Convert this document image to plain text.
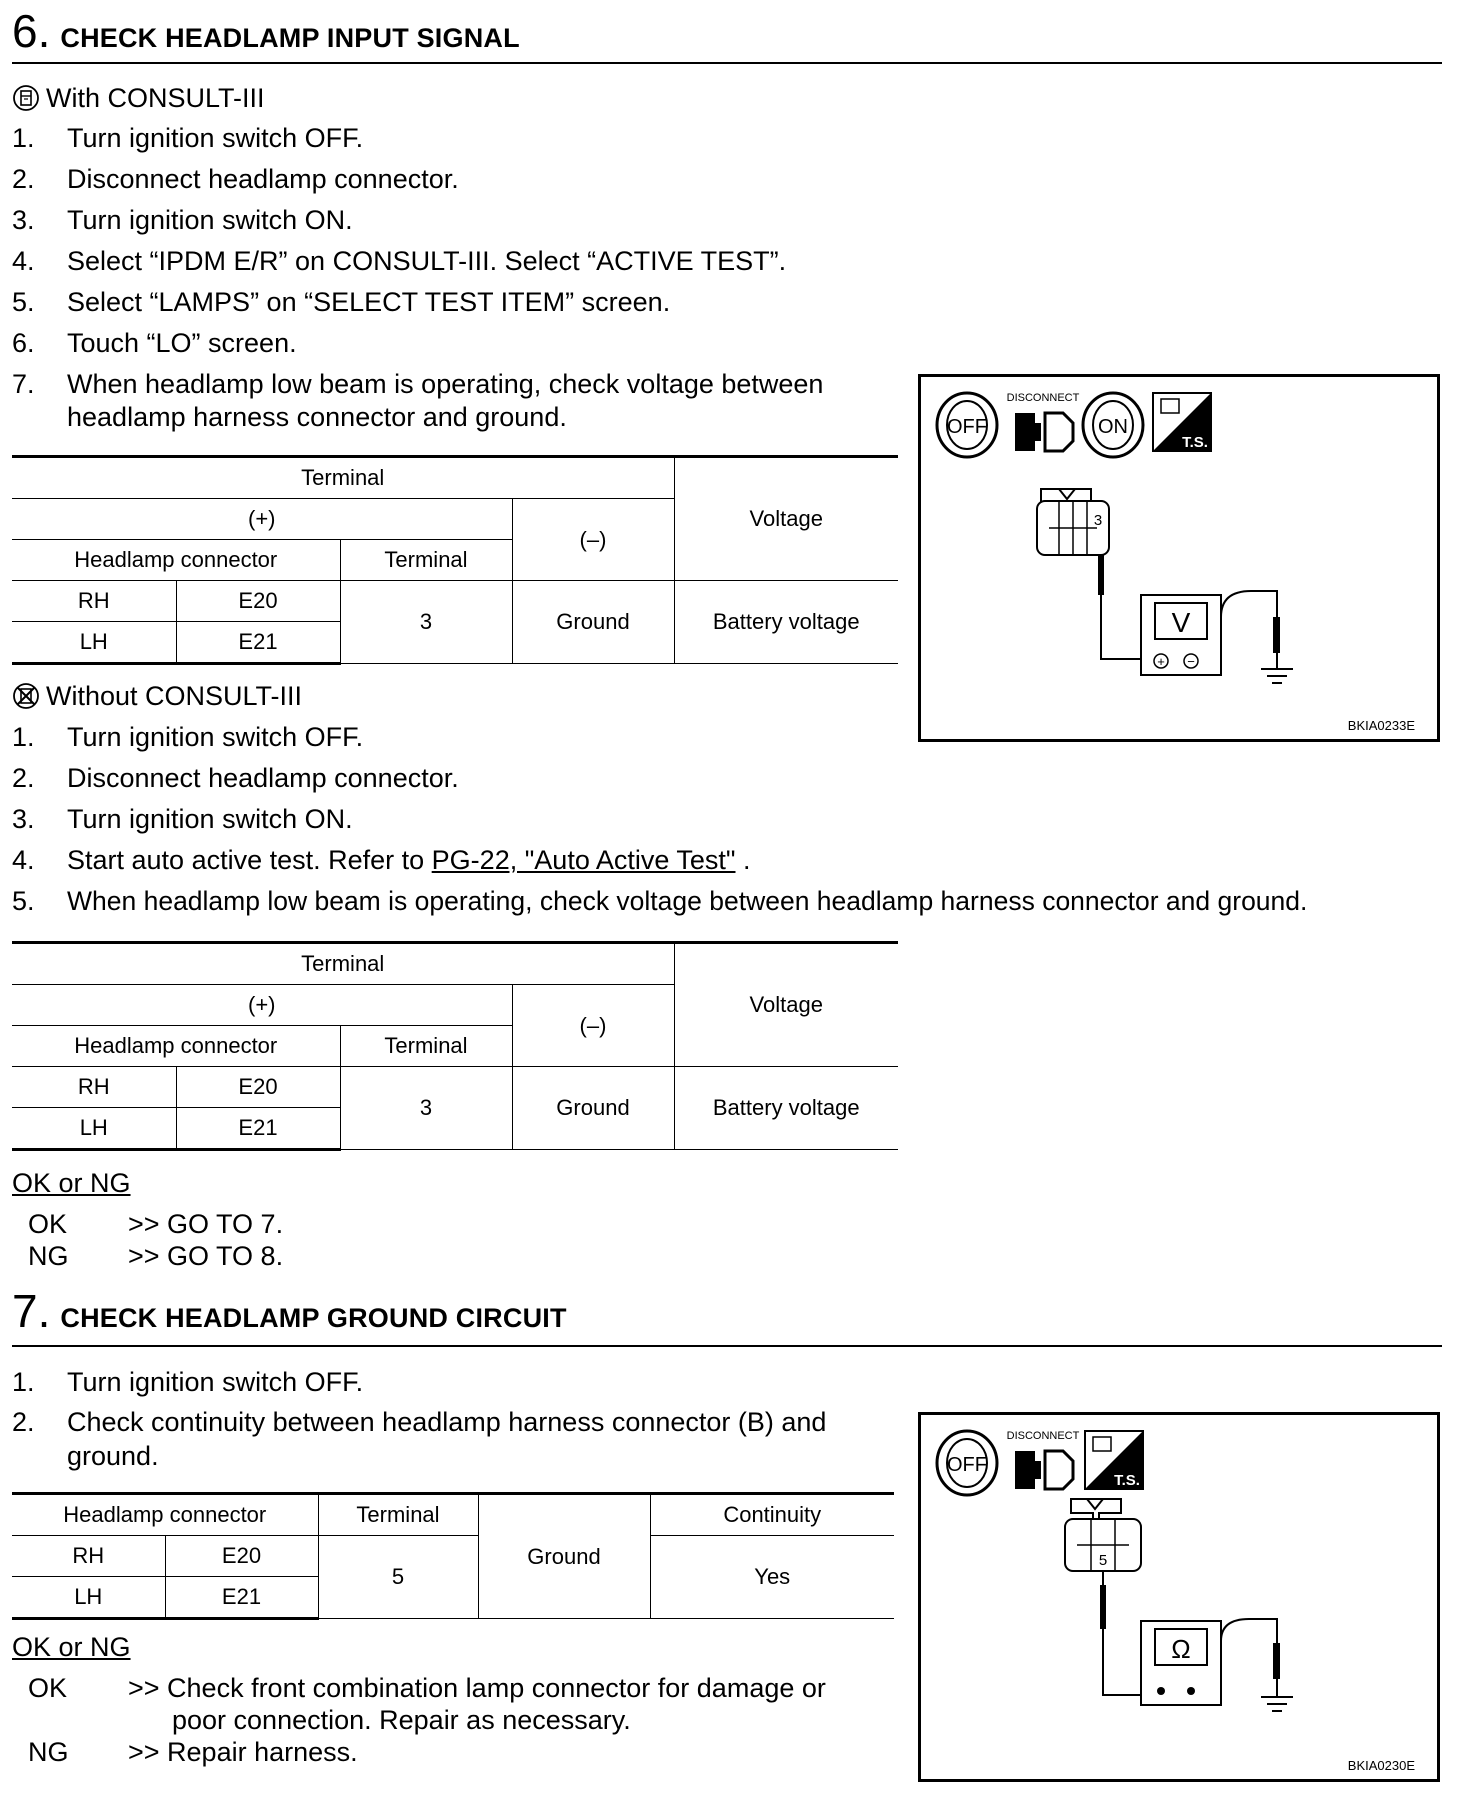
6. CHECK HEADLAMP INPUT SIGNAL
With CONSULT-III
1. Turn ignition switch OFF.
2. Disconnect headlamp connector.
3. Turn ignition switch ON.
4. Select “IPDM E/R” on CONSULT-III. Select “ACTIVE TEST”.
5. Select “LAMPS” on “SELECT TEST ITEM” screen.
6. Touch “LO” screen.
7. When headlamp low beam is operating, check voltage between
headlamp harness connector and ground.
Terminal				Voltage
(+)			(–)	
Headlamp connector		Terminal		
RH	E20	3	Ground	Battery voltage
LH	E21			
OFF
DISCONNECT
ON
T.S.
3
V
+ −
BKIA0233E
Without CONSULT-III
1. Turn ignition switch OFF.
2. Disconnect headlamp connector.
3. Turn ignition switch ON.
4. Start auto active test. Refer to PG-22, "Auto Active Test" .
5. When headlamp low beam is operating, check voltage between headlamp harness connector and ground.
Terminal				Voltage
(+)			(–)	
Headlamp connector		Terminal		
RH	E20	3	Ground	Battery voltage
LH	E21			
OK or NG
OK >> GO TO 7.
NG >> GO TO 8.
7. CHECK HEADLAMP GROUND CIRCUIT
1. Turn ignition switch OFF.
2. Check continuity between headlamp harness connector (B) and
ground.
Headlamp connector		Terminal	Ground	Continuity
RH	E20	5		Yes
LH	E21			
OFF
DISCONNECT
T.S.
5
Ω
BKIA0230E
OK or NG
OK >> Check front combination lamp connector for damage or
poor connection. Repair as necessary.
NG >> Repair harness.
